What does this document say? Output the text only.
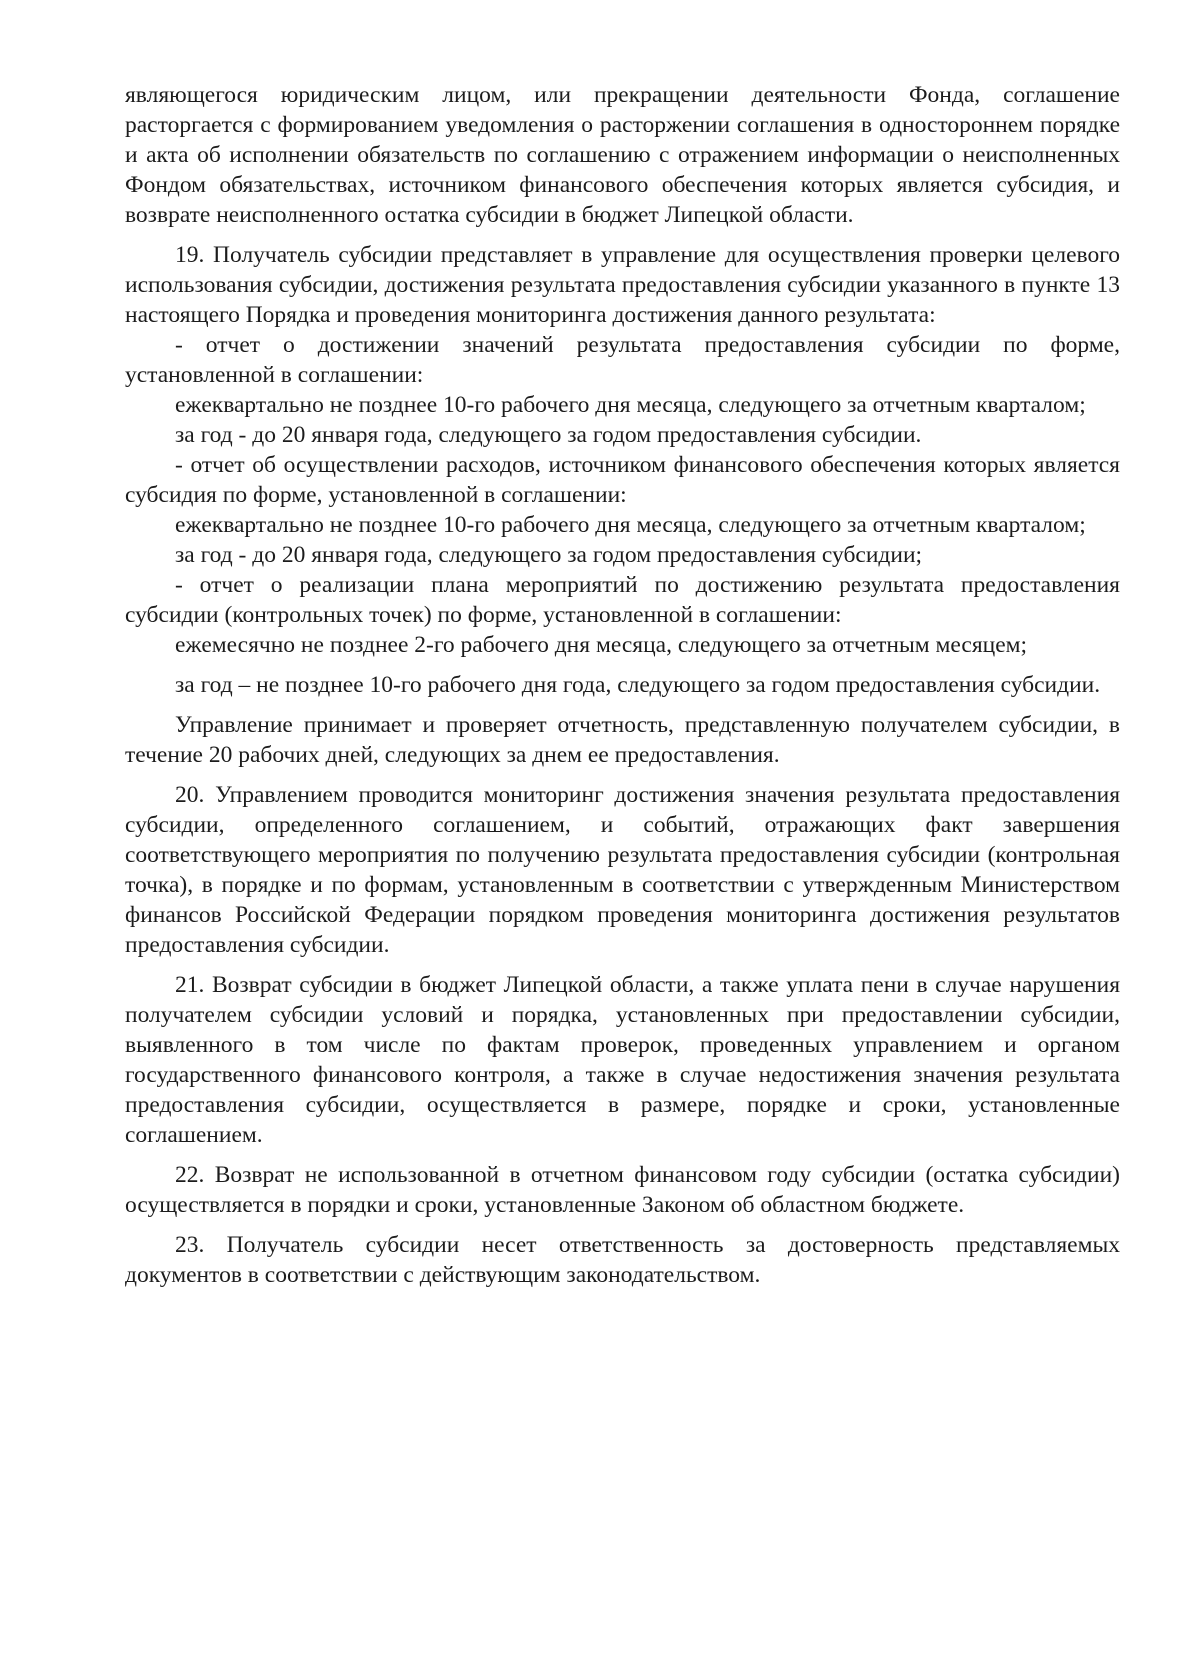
являющегося юридическим лицом, или прекращении деятельности Фонда, соглашение расторгается с формированием уведомления о расторжении соглашения в одностороннем порядке и акта об исполнении обязательств по соглашению с отражением информации о неисполненных Фондом обязательствах, источником финансового обеспечения которых является субсидия, и возврате неисполненного остатка субсидии в бюджет Липецкой области.

19. Получатель субсидии представляет в управление для осуществления проверки целевого использования субсидии, достижения результата предоставления субсидии указанного в пункте 13 настоящего Порядка и проведения мониторинга достижения данного результата:

- отчет о достижении значений результата предоставления субсидии по форме, установленной в соглашении:

ежеквартально не позднее 10-го рабочего дня месяца, следующего за отчетным кварталом;

за год - до 20 января года, следующего за годом предоставления субсидии.

- отчет об осуществлении расходов, источником финансового обеспечения которых является субсидия по форме, установленной в соглашении:

ежеквартально не позднее 10-го рабочего дня месяца, следующего за отчетным кварталом;

за год - до 20 января года, следующего за годом предоставления субсидии;

- отчет о реализации плана мероприятий по достижению результата предоставления субсидии (контрольных точек) по форме, установленной в соглашении:

ежемесячно не позднее 2-го рабочего дня месяца, следующего за отчетным месяцем;

за год – не позднее 10-го рабочего дня года, следующего за годом предоставления субсидии.

Управление принимает и проверяет отчетность, представленную получателем субсидии, в течение 20 рабочих дней, следующих за днем ее предоставления.

20. Управлением проводится мониторинг достижения значения результата предоставления субсидии, определенного соглашением, и событий, отражающих факт завершения соответствующего мероприятия по получению результата предоставления субсидии (контрольная точка), в порядке и по формам, установленным в соответствии с утвержденным Министерством финансов Российской Федерации порядком проведения мониторинга достижения результатов предоставления субсидии.

21. Возврат субсидии в бюджет Липецкой области, а также уплата пени в случае нарушения получателем субсидии условий и порядка, установленных при предоставлении субсидии, выявленного в том числе по фактам проверок, проведенных управлением и органом государственного финансового контроля, а также в случае недостижения значения результата предоставления субсидии, осуществляется в размере, порядке и сроки, установленные соглашением.

22. Возврат не использованной в отчетном финансовом году субсидии (остатка субсидии) осуществляется в порядки и сроки, установленные Законом об областном бюджете.

23. Получатель субсидии несет ответственность за достоверность представляемых документов в соответствии с действующим законодательством.
